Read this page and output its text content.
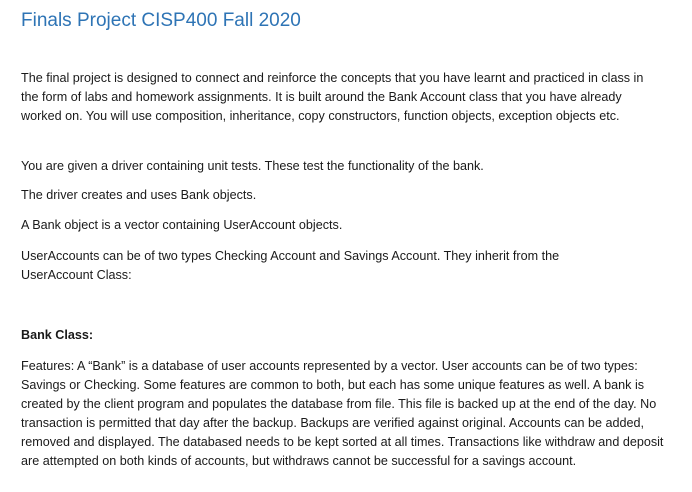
Finals Project CISP400 Fall 2020

The final project is designed to connect and reinforce the concepts that you have learnt and practiced in class in the form of labs and homework assignments. It is built around the Bank Account class that you have already worked on. You will use composition, inheritance, copy constructors, function objects, exception objects etc.

You are given a driver containing unit tests. These test the functionality of the bank.

The driver creates and uses Bank objects.

A Bank object is a vector containing UserAccount objects.

UserAccounts can be of two types Checking Account and Savings Account. They inherit from the UserAccount Class:

Bank Class:

Features: A “Bank” is a database of user accounts represented by a vector. User accounts can be of two types: Savings or Checking. Some features are common to both, but each has some unique features as well. A bank is created by the client program and populates the database from file. This file is backed up at the end of the day. No transaction is permitted that day after the backup. Backups are verified against original. Accounts can be added, removed and displayed. The databased needs to be kept sorted at all times. Transactions like withdraw and deposit are attempted on both kinds of accounts, but withdraws cannot be successful for a savings account.
